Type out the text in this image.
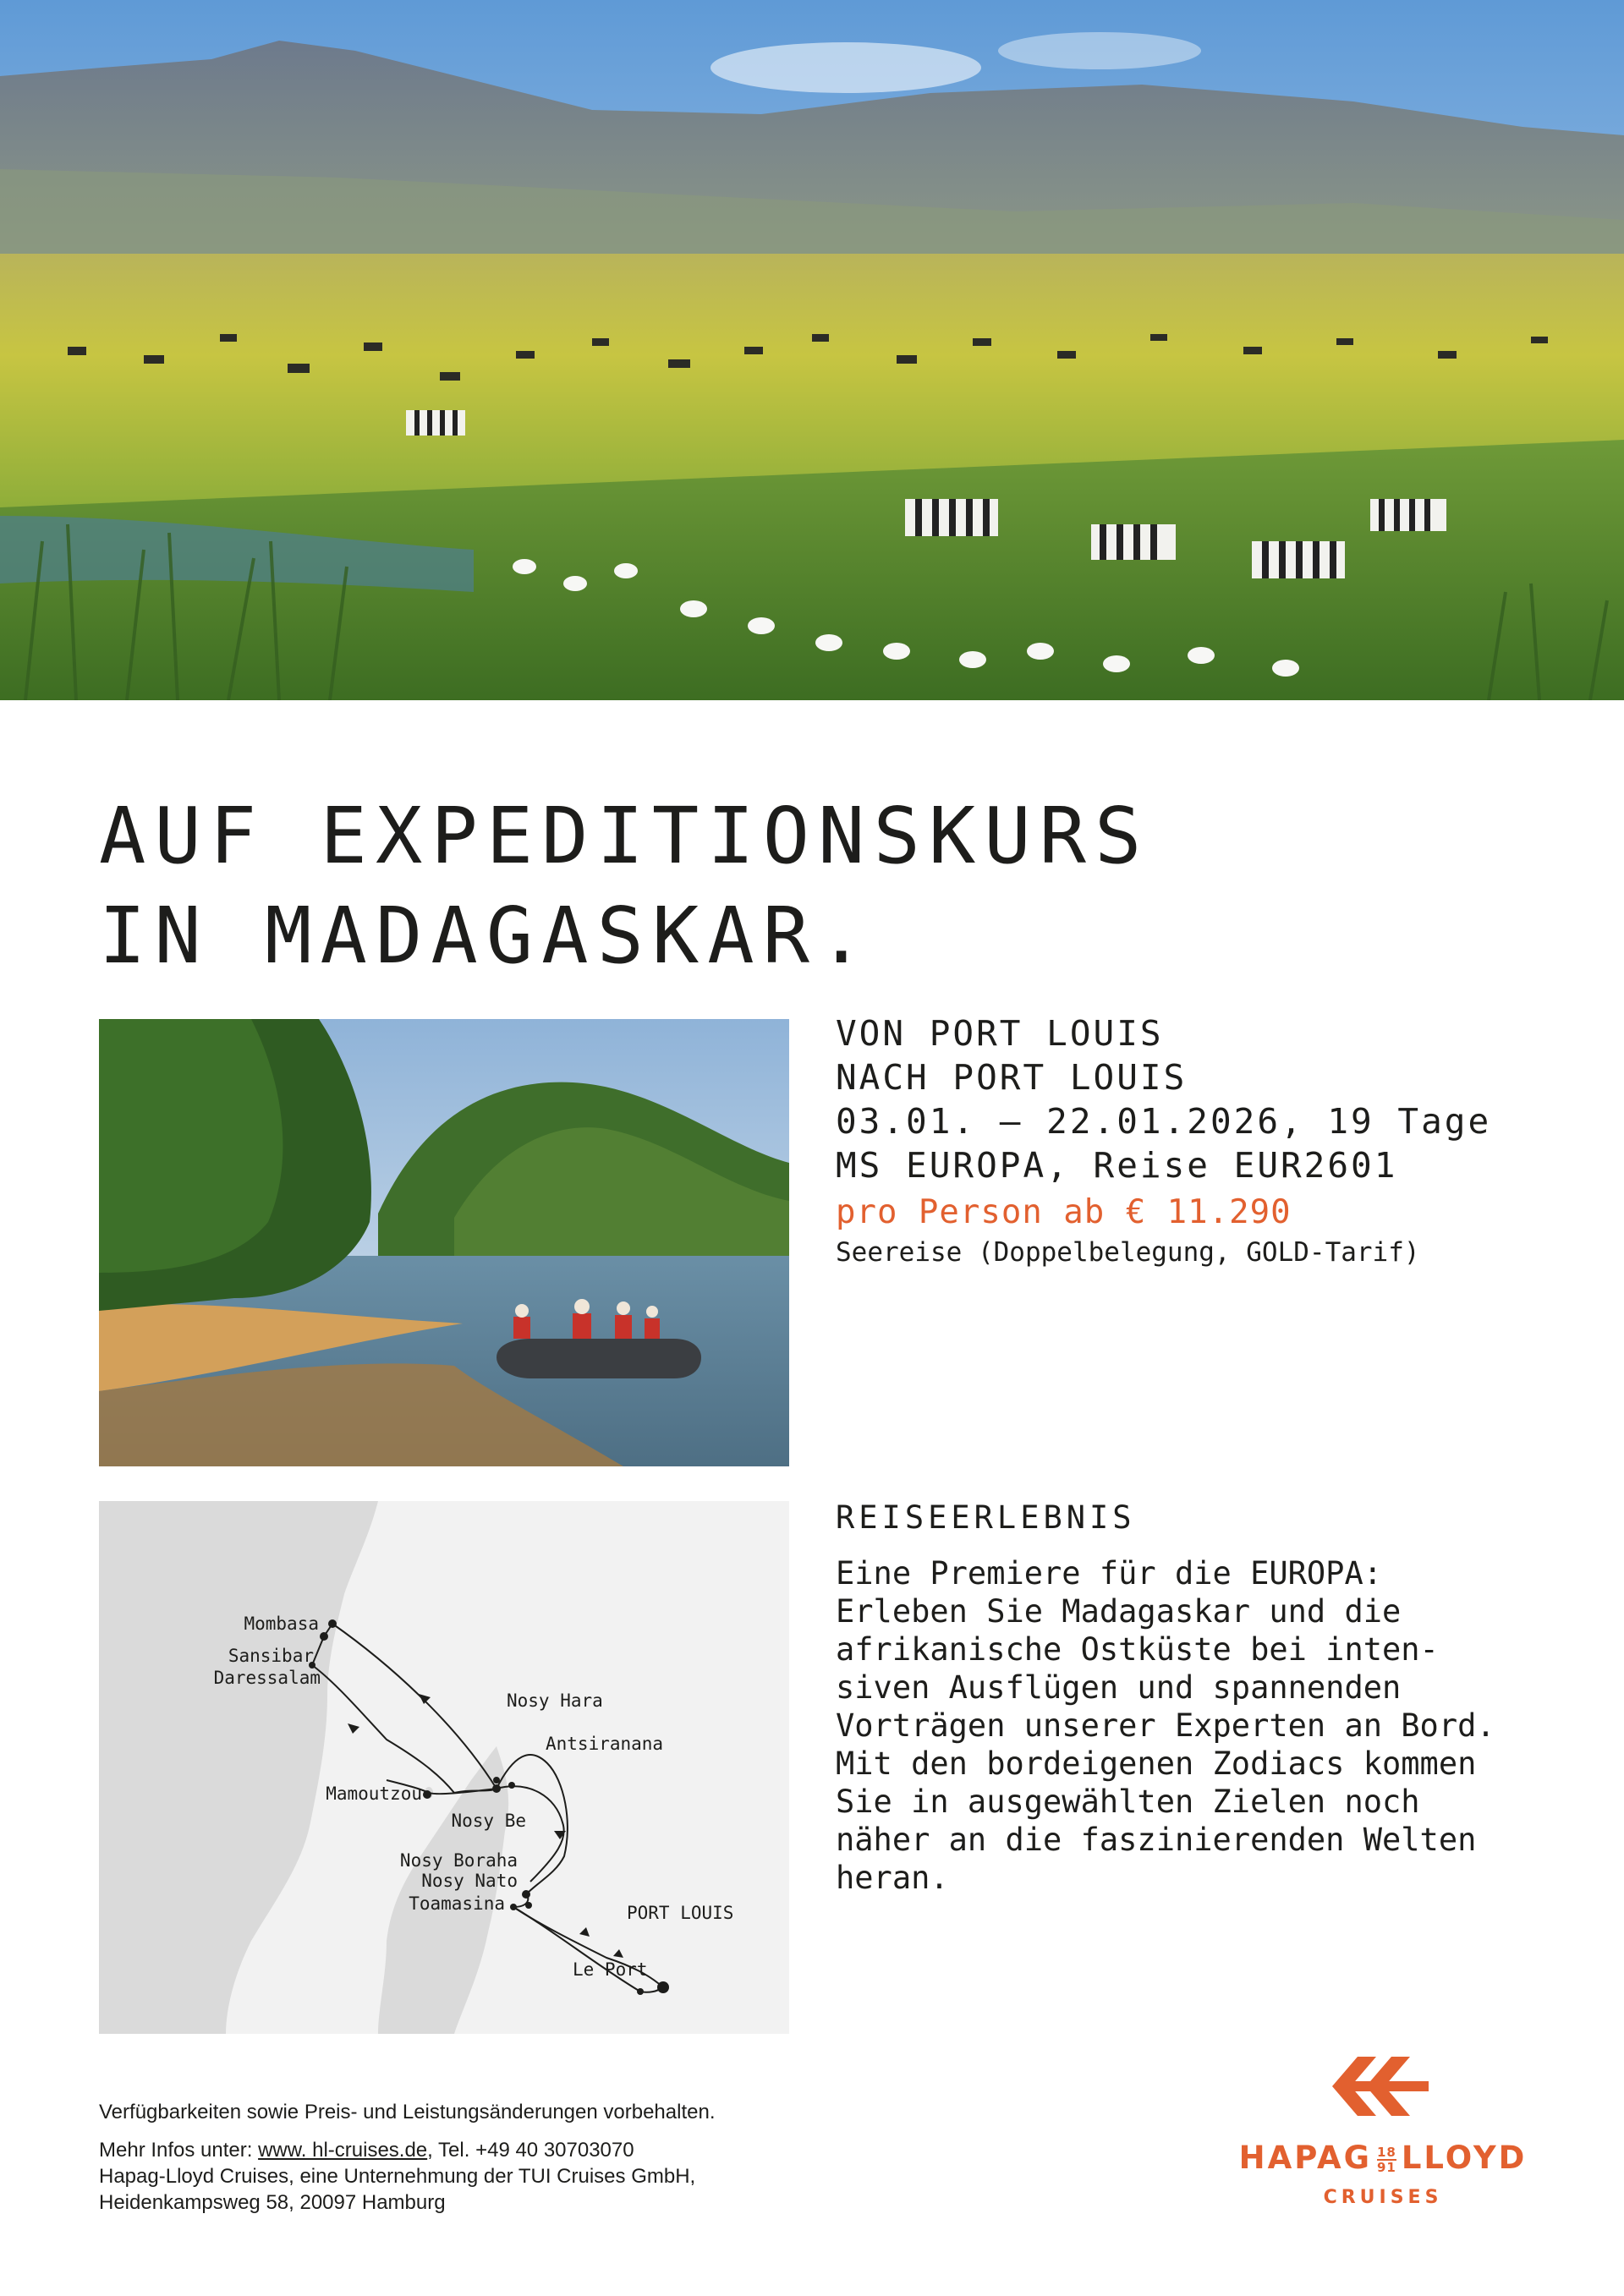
AUF EXPEDITIONSKURS
IN MADAGASKAR.
VON PORT LOUIS
NACH PORT LOUIS
03.01. – 22.01.2026, 19 Tage
MS EUROPA, Reise EUR2601
pro Person ab € 11.290
Seereise (Doppelbelegung, GOLD-Tarif)
Mombasa
Sansibar
Daressalam
Mamoutzou
Nosy Hara
Antsiranana
Nosy Be
Nosy Boraha
Nosy Nato
Toamasina	PORT LOUIS
Le Port
REISEERLEBNIS
Eine Premiere für die EUROPA:
Erleben Sie Madagaskar und die
afrikanische Ostküste bei inten-
siven Ausflügen und spannenden
Vorträgen unserer Experten an Bord.
Mit den bordeigenen Zodiacs kommen
Sie in ausgewählten Zielen noch
näher an die faszinierenden Welten
heran.
Verfügbarkeiten sowie Preis- und Leistungsänderungen vorbehalten.
Mehr Infos unter: www. hl-cruises.de, Tel. +49 40 30703070
Hapag-Lloyd Cruises, eine Unternehmung der TUI Cruises GmbH,
Heidenkampsweg 58, 20097 Hamburg
HAPAG $\frac{18}{91}$ LLOYD
CRUISES
